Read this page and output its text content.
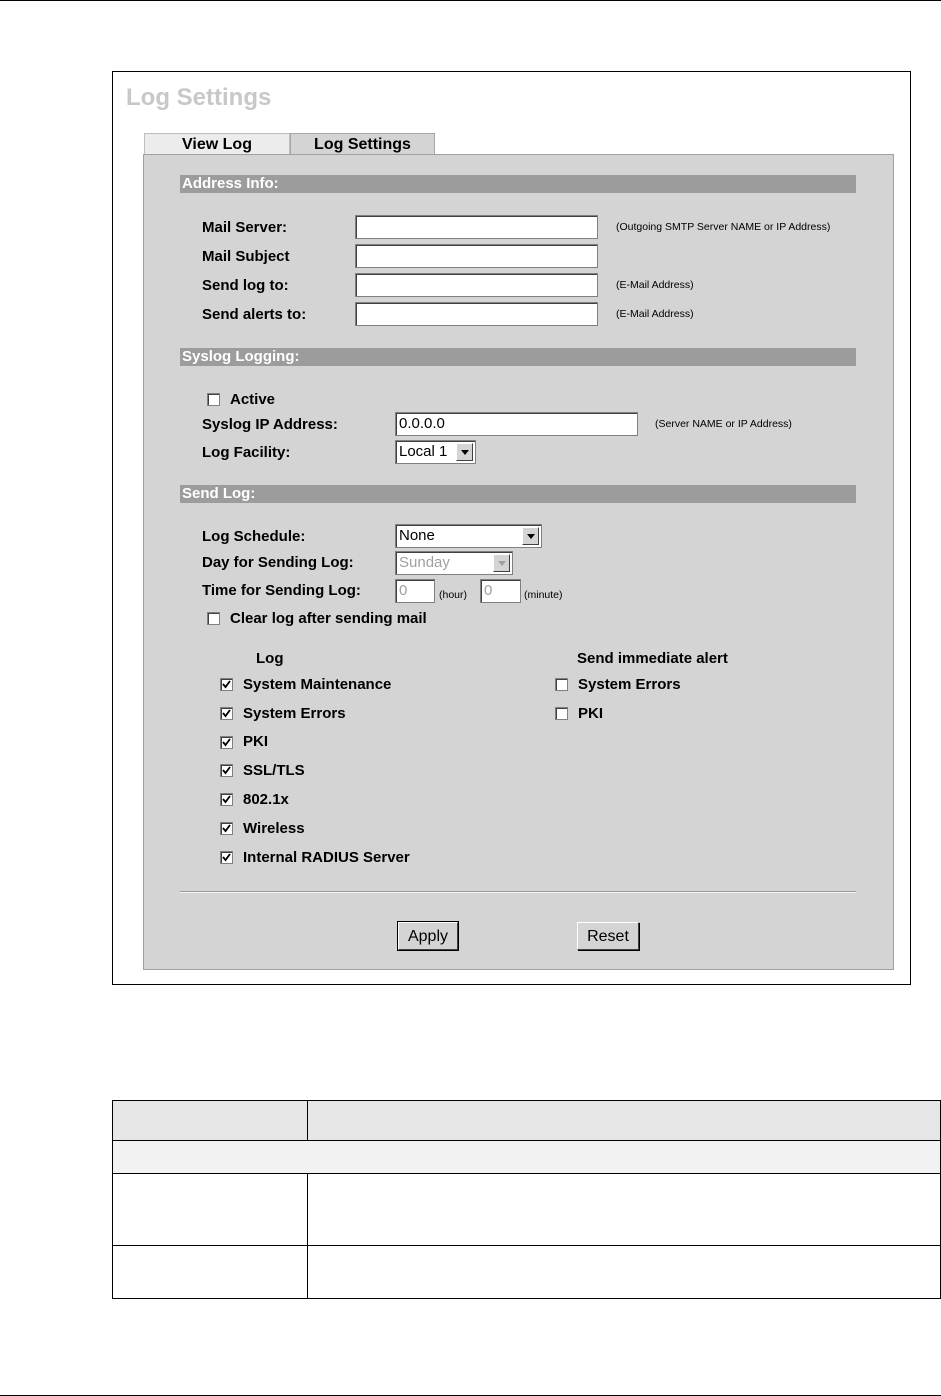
Log Settings
View Log	Log Settings
Address Info:
Mail Server:	(Outgoing SMTP Server NAME or IP Address)
Mail Subject
Send log to:	(E-Mail Address)
Send alerts to:	(E-Mail Address)
Syslog Logging:
Active
Syslog IP Address:	0.0.0.0	(Server NAME or IP Address)
Log Facility:	Local 1
Send Log:
Log Schedule:	None
Day for Sending Log:	Sunday
Time for Sending Log:	0	(hour) 0	(minute)
Clear log after sending mail
Log
System Maintenance
System Errors
PKI
SSL/TLS
802.1x
Wireless
Internal RADIUS Server
Send immediate alert
System Errors
PKI
Apply	Reset
